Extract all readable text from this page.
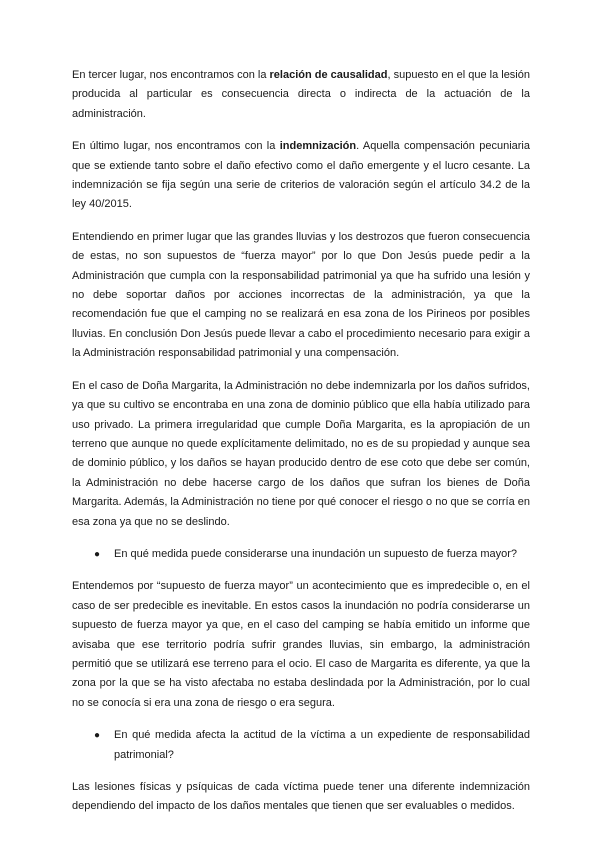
En tercer lugar, nos encontramos con la relación de causalidad, supuesto en el que la lesión producida al particular es consecuencia directa o indirecta de la actuación de la administración.

En último lugar, nos encontramos con la indemnización. Aquella compensación pecuniaria que se extiende tanto sobre el daño efectivo como el daño emergente y el lucro cesante. La indemnización se fija según una serie de criterios de valoración según el artículo 34.2 de la ley 40/2015.

Entendiendo en primer lugar que las grandes lluvias y los destrozos que fueron consecuencia de estas, no son supuestos de “fuerza mayor” por lo que Don Jesús puede pedir a la Administración que cumpla con la responsabilidad patrimonial ya que ha sufrido una lesión y no debe soportar daños por acciones incorrectas de la administración, ya que la recomendación fue que el camping no se realizará en esa zona de los Pirineos por posibles lluvias. En conclusión Don Jesús puede llevar a cabo el procedimiento necesario para exigir a la Administración responsabilidad patrimonial y una compensación.

En el caso de Doña Margarita, la Administración no debe indemnizarla por los daños sufridos, ya que su cultivo se encontraba en una zona de dominio público que ella había utilizado para uso privado. La primera irregularidad que cumple Doña Margarita, es la apropiación de un terreno que aunque no quede explícitamente delimitado, no es de su propiedad y aunque sea de dominio público, y los daños se hayan producido dentro de ese coto que debe ser común, la Administración no debe hacerse cargo de los daños que sufran los bienes de Doña Margarita. Además, la Administración no tiene por qué conocer el riesgo o no que se corría en esa zona ya que no se deslindo.

● En qué medida puede considerarse una inundación un supuesto de fuerza mayor?

Entendemos por “supuesto de fuerza mayor” un acontecimiento que es impredecible o, en el caso de ser predecible es inevitable. En estos casos la inundación no podría considerarse un supuesto de fuerza mayor ya que, en el caso del camping se había emitido un informe que avisaba que ese territorio podría sufrir grandes lluvias, sin embargo, la administración permitió que se utilizará ese terreno para el ocio. El caso de Margarita es diferente, ya que la zona por la que se ha visto afectaba no estaba deslindada por la Administración, por lo cual no se conocía si era una zona de riesgo o era segura.

● En qué medida afecta la actitud de la víctima a un expediente de responsabilidad patrimonial?

Las lesiones físicas y psíquicas de cada víctima puede tener una diferente indemnización dependiendo del impacto de los daños mentales que tienen que ser evaluables o medidos.
